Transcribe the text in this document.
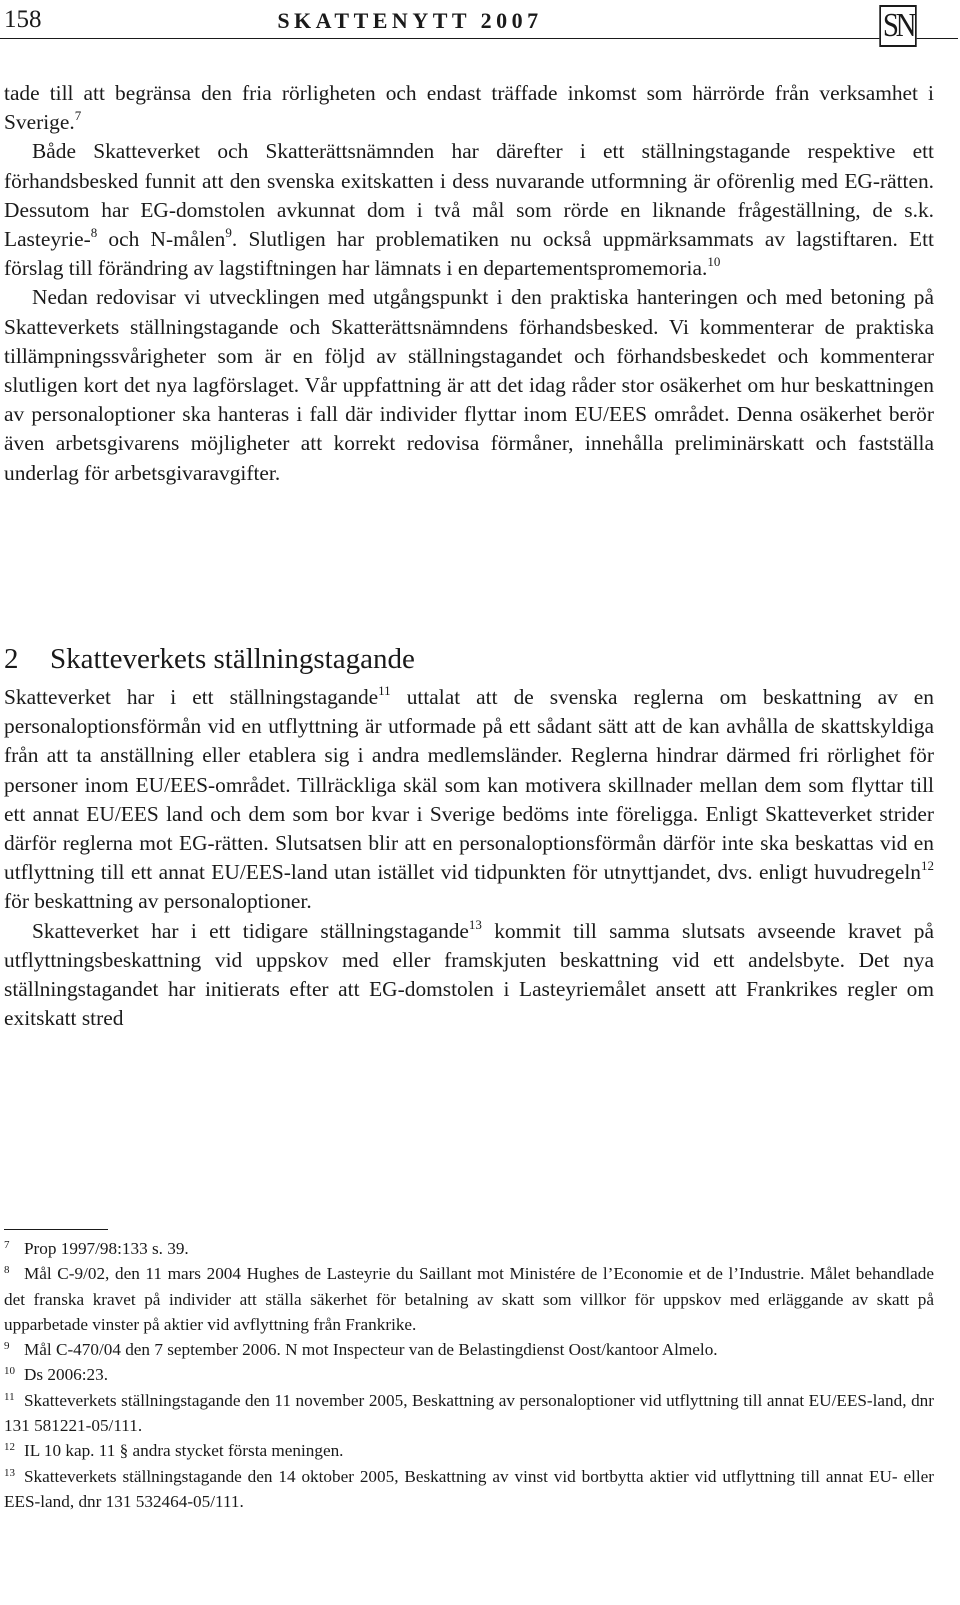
158	SKATTENYTT 2007	SN

tade till att begränsa den fria rörligheten och endast träffade inkomst som härrörde från verksamhet i Sverige.$^7$

Både Skatteverket och Skatterättsnämnden har därefter i ett ställningstagande respektive ett förhandsbesked funnit att den svenska exitskatten i dess nuvarande utformning är oförenlig med EG-rätten. Dessutom har EG-domstolen avkunnat dom i två mål som rörde en liknande frågeställning, de s.k. Lasteyrie-$^8$ och N-målen$^9$. Slutligen har problematiken nu också uppmärksammats av lagstiftaren. Ett förslag till förändring av lagstiftningen har lämnats i en departementspromemoria.$^{10}$

Nedan redovisar vi utvecklingen med utgångspunkt i den praktiska hanteringen och med betoning på Skatteverkets ställningstagande och Skatterättsnämndens förhandsbesked. Vi kommenterar de praktiska tillämpningssvårigheter som är en följd av ställningstagandet och förhandsbeskedet och kommenterar slutligen kort det nya lagförslaget. Vår uppfattning är att det idag råder stor osäkerhet om hur beskattningen av personaloptioner ska hanteras i fall där individer flyttar inom EU/EES området. Denna osäkerhet berör även arbetsgivarens möjligheter att korrekt redovisa förmåner, innehålla preliminärskatt och fastställa underlag för arbetsgivaravgifter.

2 Skatteverkets ställningstagande

Skatteverket har i ett ställningstagande$^{11}$ uttalat att de svenska reglerna om beskattning av en personaloptionsförmån vid en utflyttning är utformade på ett sådant sätt att de kan avhålla de skattskyldiga från att ta anställning eller etablera sig i andra medlemsländer. Reglerna hindrar därmed fri rörlighet för personer inom EU/EES-området. Tillräckliga skäl som kan motivera skillnader mellan dem som flyttar till ett annat EU/EES land och dem som bor kvar i Sverige bedöms inte föreligga. Enligt Skatteverket strider därför reglerna mot EG-rätten. Slutsatsen blir att en personaloptionsförmån därför inte ska beskattas vid en utflyttning till ett annat EU/EES-land utan istället vid tidpunkten för utnyttjandet, dvs. enligt huvudregeln$^{12}$ för beskattning av personaloptioner.

Skatteverket har i ett tidigare ställningstagande$^{13}$ kommit till samma slutsats avseende kravet på utflyttningsbeskattning vid uppskov med eller framskjuten beskattning vid ett andelsbyte. Det nya ställningstagandet har initierats efter att EG-domstolen i Lasteyriemålet ansett att Frankrikes regler om exitskatt stred

$^7$ Prop 1997/98:133 s. 39.

$^8$ Mål C-9/02, den 11 mars 2004 Hughes de Lasteyrie du Saillant mot Ministére de l’Economie et de l’Industrie. Målet behandlade det franska kravet på individer att ställa säkerhet för betalning av skatt som villkor för uppskov med erläggande av skatt på upparbetade vinster på aktier vid avflyttning från Frankrike.

$^9$ Mål C-470/04 den 7 september 2006. N mot Inspecteur van de Belastingdienst Oost/kantoor Almelo.

$^{10}$ Ds 2006:23.

$^{11}$ Skatteverkets ställningstagande den 11 november 2005, Beskattning av personaloptioner vid utflyttning till annat EU/EES-land, dnr 131 581221-05/111.

$^{12}$ IL 10 kap. 11 § andra stycket första meningen.

$^{13}$ Skatteverkets ställningstagande den 14 oktober 2005, Beskattning av vinst vid bortbytta aktier vid utflyttning till annat EU- eller EES-land, dnr 131 532464-05/111.
